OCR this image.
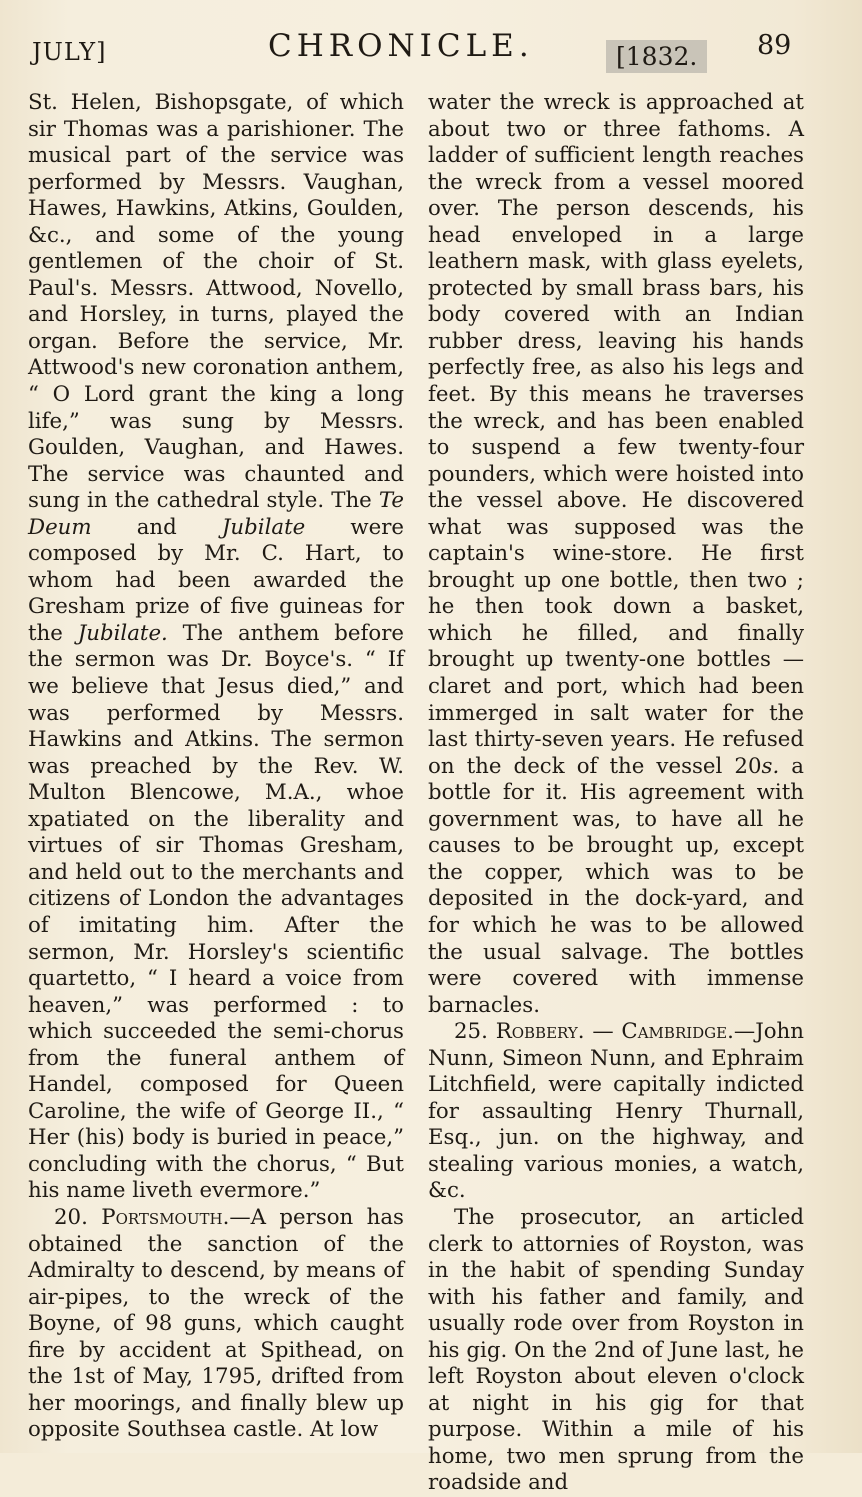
JULY]	CHRONICLE.	[1832.	89

St. Helen, Bishopsgate, of which sir Thomas was a parishioner. The musical part of the service was performed by Messrs. Vaughan, Hawes, Hawkins, Atkins, Goulden, &c., and some of the young gentlemen of the choir of St. Paul's. Messrs. Attwood, Novello, and Horsley, in turns, played the organ. Before the service, Mr. Attwood's new coronation anthem, “ O Lord grant the king a long life,” was sung by Messrs. Goulden, Vaughan, and Hawes. The service was chaunted and sung in the cathedral style. The Te Deum and Jubilate were composed by Mr. C. Hart, to whom had been awarded the Gresham prize of five guineas for the Jubilate. The anthem before the sermon was Dr. Boyce's. “ If we believe that Jesus died,” and was performed by Messrs. Hawkins and Atkins. The sermon was preached by the Rev. W. Multon Blencowe, M.A., whoe xpatiated on the liberality and virtues of sir Thomas Gresham, and held out to the merchants and citizens of London the advantages of imitating him. After the sermon, Mr. Horsley's scientific quartetto, “ I heard a voice from heaven,” was performed : to which succeeded the semi-chorus from the funeral anthem of Handel, composed for Queen Caroline, the wife of George II., “ Her (his) body is buried in peace,” concluding with the chorus, “ But his name liveth evermore.”

20. Portsmouth.—A person has obtained the sanction of the Admiralty to descend, by means of air-pipes, to the wreck of the Boyne, of 98 guns, which caught fire by accident at Spithead, on the 1st of May, 1795, drifted from her moorings, and finally blew up opposite Southsea castle. At low

water the wreck is approached at about two or three fathoms. A ladder of sufficient length reaches the wreck from a vessel moored over. The person descends, his head enveloped in a large leathern mask, with glass eyelets, protected by small brass bars, his body covered with an Indian rubber dress, leaving his hands perfectly free, as also his legs and feet. By this means he traverses the wreck, and has been enabled to suspend a few twenty-four pounders, which were hoisted into the vessel above. He discovered what was supposed was the captain's wine-store. He first brought up one bottle, then two ; he then took down a basket, which he filled, and finally brought up twenty-one bottles — claret and port, which had been immerged in salt water for the last thirty-seven years. He refused on the deck of the vessel 20s. a bottle for it. His agreement with government was, to have all he causes to be brought up, except the copper, which was to be deposited in the dock-yard, and for which he was to be allowed the usual salvage. The bottles were covered with immense barnacles.

25. Robbery. — Cambridge.—John Nunn, Simeon Nunn, and Ephraim Litchfield, were capitally indicted for assaulting Henry Thurnall, Esq., jun. on the highway, and stealing various monies, a watch, &c.

The prosecutor, an articled clerk to attornies of Royston, was in the habit of spending Sunday with his father and family, and usually rode over from Royston in his gig. On the 2nd of June last, he left Royston about eleven o'clock at night in his gig for that purpose. Within a mile of his home, two men sprung from the roadside and
